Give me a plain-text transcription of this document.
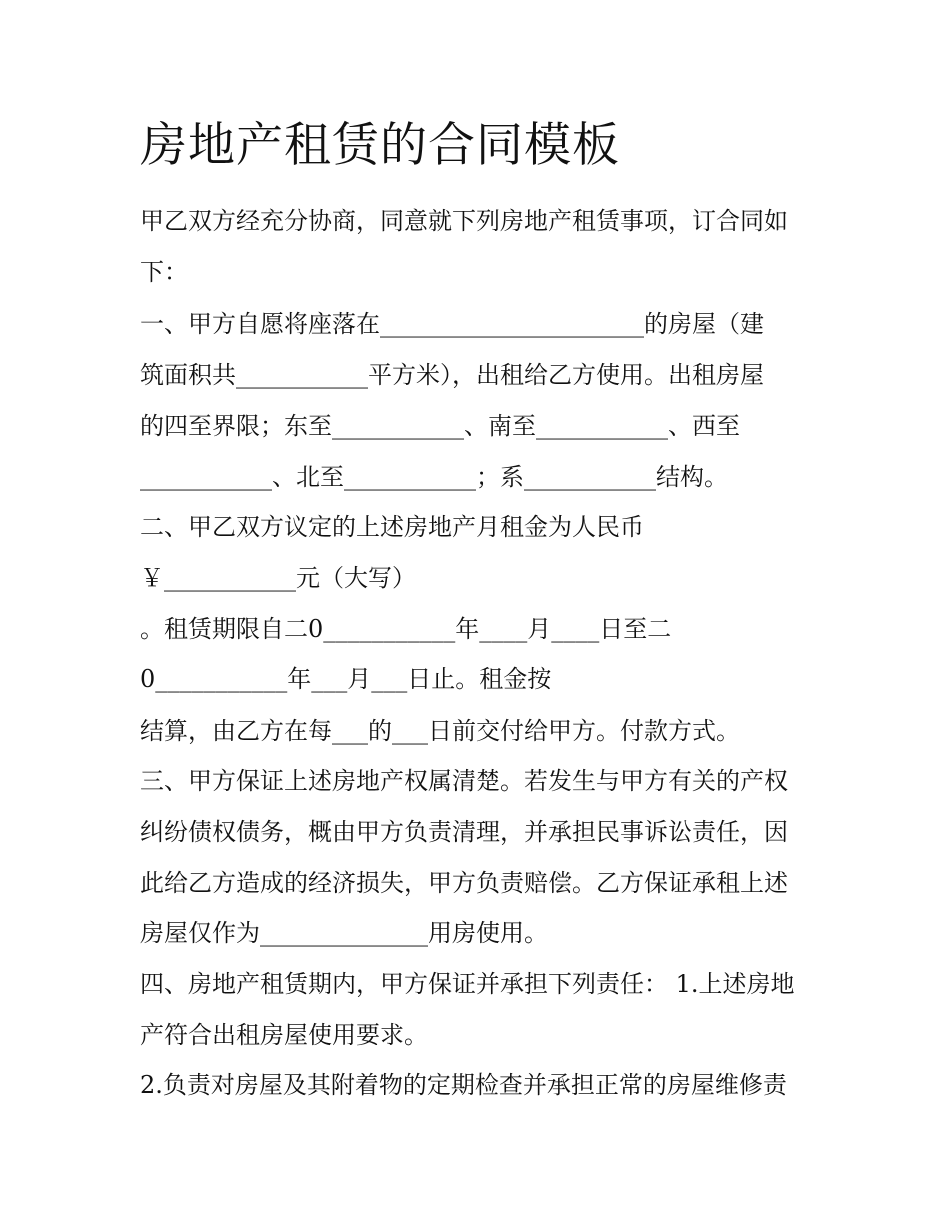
房地产租赁的合同模板

甲乙双方经充分协商，同意就下列房地产租赁事项，订合同如

下：

一、甲方自愿将座落在______________________的房屋（建

筑面积共___________平方米），出租给乙方使用。出租房屋

的四至界限；东至___________、南至___________、西至

___________、北至___________；系___________结构。

二、甲乙双方议定的上述房地产月租金为人民币

￥___________元（大写）

。租赁期限自二0___________年____月____日至二

0___________年___月___日止。租金按

结算，由乙方在每___的___日前交付给甲方。付款方式。

三、甲方保证上述房地产权属清楚。若发生与甲方有关的产权

纠纷债权债务，概由甲方负责清理，并承担民事诉讼责任，因

此给乙方造成的经济损失，甲方负责赔偿。乙方保证承租上述

房屋仅作为______________用房使用。

四、房地产租赁期内，甲方保证并承担下列责任： 1.上述房地

产符合出租房屋使用要求。

2.负责对房屋及其附着物的定期检查并承担正常的房屋维修责
